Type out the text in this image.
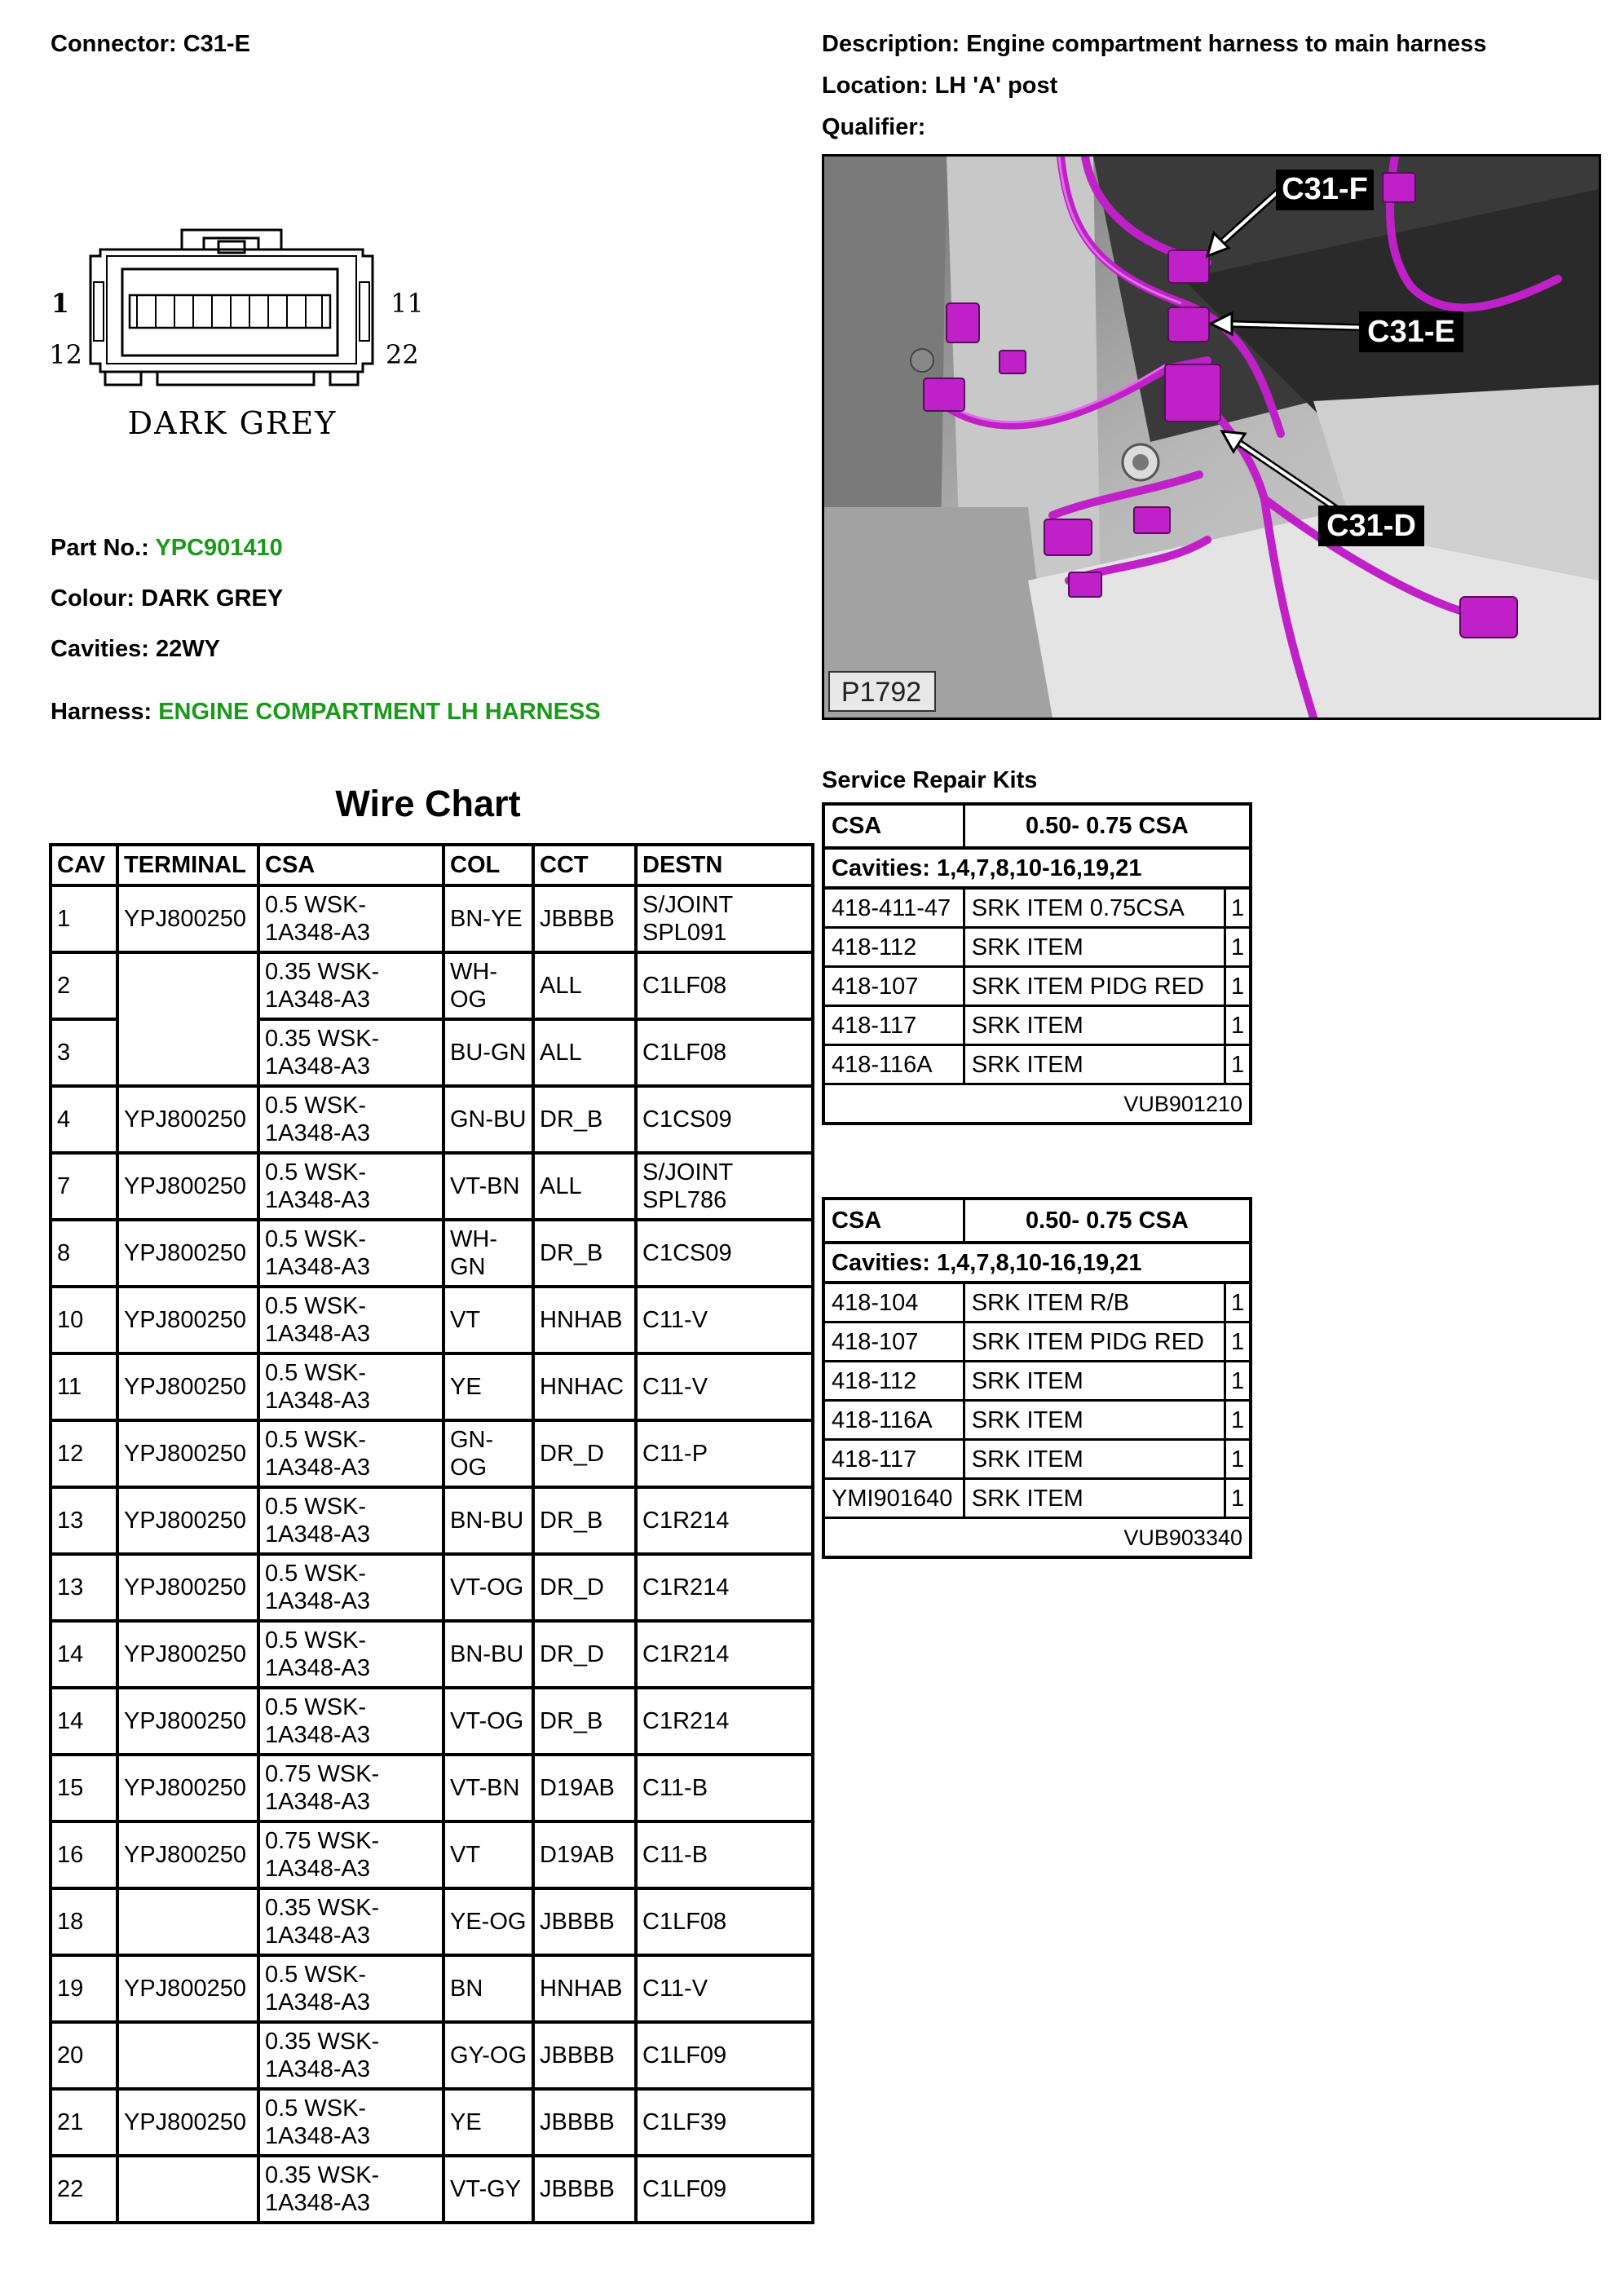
Connector: C31-E	Description: Engine compartment harness to main harness
Location: LH 'A' post
Qualifier:
1
12
11
22
DARK GREY
Part No.: YPC901410
Colour: DARK GREY
Cavities: 22WY
Harness: ENGINE COMPARTMENT LH HARNESS
C31-F
C31-E
C31-D
P1792
Wire Chart
CAV	TERMINAL	CSA	COL	CCT	DESTN
1	YPJ800250	0.5 WSK-1A348-A3	BN-YE	JBBBB	S/JOINT SPL091
2		0.35 WSK-1A348-A3	WH-OG	ALL	C1LF08
3		0.35 WSK-1A348-A3	BU-GN	ALL	C1LF08
4	YPJ800250	0.5 WSK-1A348-A3	GN-BU	DR_B	C1CS09
7	YPJ800250	0.5 WSK-1A348-A3	VT-BN	ALL	S/JOINT SPL786
8	YPJ800250	0.5 WSK-1A348-A3	WH-GN	DR_B	C1CS09
10	YPJ800250	0.5 WSK-1A348-A3	VT	HNHAB	C11-V
11	YPJ800250	0.5 WSK-1A348-A3	YE	HNHAC	C11-V
12	YPJ800250	0.5 WSK-1A348-A3	GN-OG	DR_D	C11-P
13	YPJ800250	0.5 WSK-1A348-A3	BN-BU	DR_B	C1R214
13	YPJ800250	0.5 WSK-1A348-A3	VT-OG	DR_D	C1R214
14	YPJ800250	0.5 WSK-1A348-A3	BN-BU	DR_D	C1R214
14	YPJ800250	0.5 WSK-1A348-A3	VT-OG	DR_B	C1R214
15	YPJ800250	0.75 WSK-1A348-A3	VT-BN	D19AB	C11-B
16	YPJ800250	0.75 WSK-1A348-A3	VT	D19AB	C11-B
18		0.35 WSK-1A348-A3	YE-OG	JBBBB	C1LF08
19	YPJ800250	0.5 WSK-1A348-A3	BN	HNHAB	C11-V
20		0.35 WSK-1A348-A3	GY-OG	JBBBB	C1LF09
21	YPJ800250	0.5 WSK-1A348-A3	YE	JBBBB	C1LF39
22		0.35 WSK-1A348-A3	VT-GY	JBBBB	C1LF09
Service Repair Kits
CSA	0.50- 0.75 CSA	
Cavities: 1,4,7,8,10-16,19,21		
418-411-47	SRK ITEM 0.75CSA	1
418-112	SRK ITEM	1
418-107	SRK ITEM PIDG RED	1
418-117	SRK ITEM	1
418-116A	SRK ITEM	1
VUB901210		
CSA	0.50- 0.75 CSA	
Cavities: 1,4,7,8,10-16,19,21		
418-104	SRK ITEM R/B	1
418-107	SRK ITEM PIDG RED	1
418-112	SRK ITEM	1
418-116A	SRK ITEM	1
418-117	SRK ITEM	1
YMI901640	SRK ITEM	1
VUB903340		
